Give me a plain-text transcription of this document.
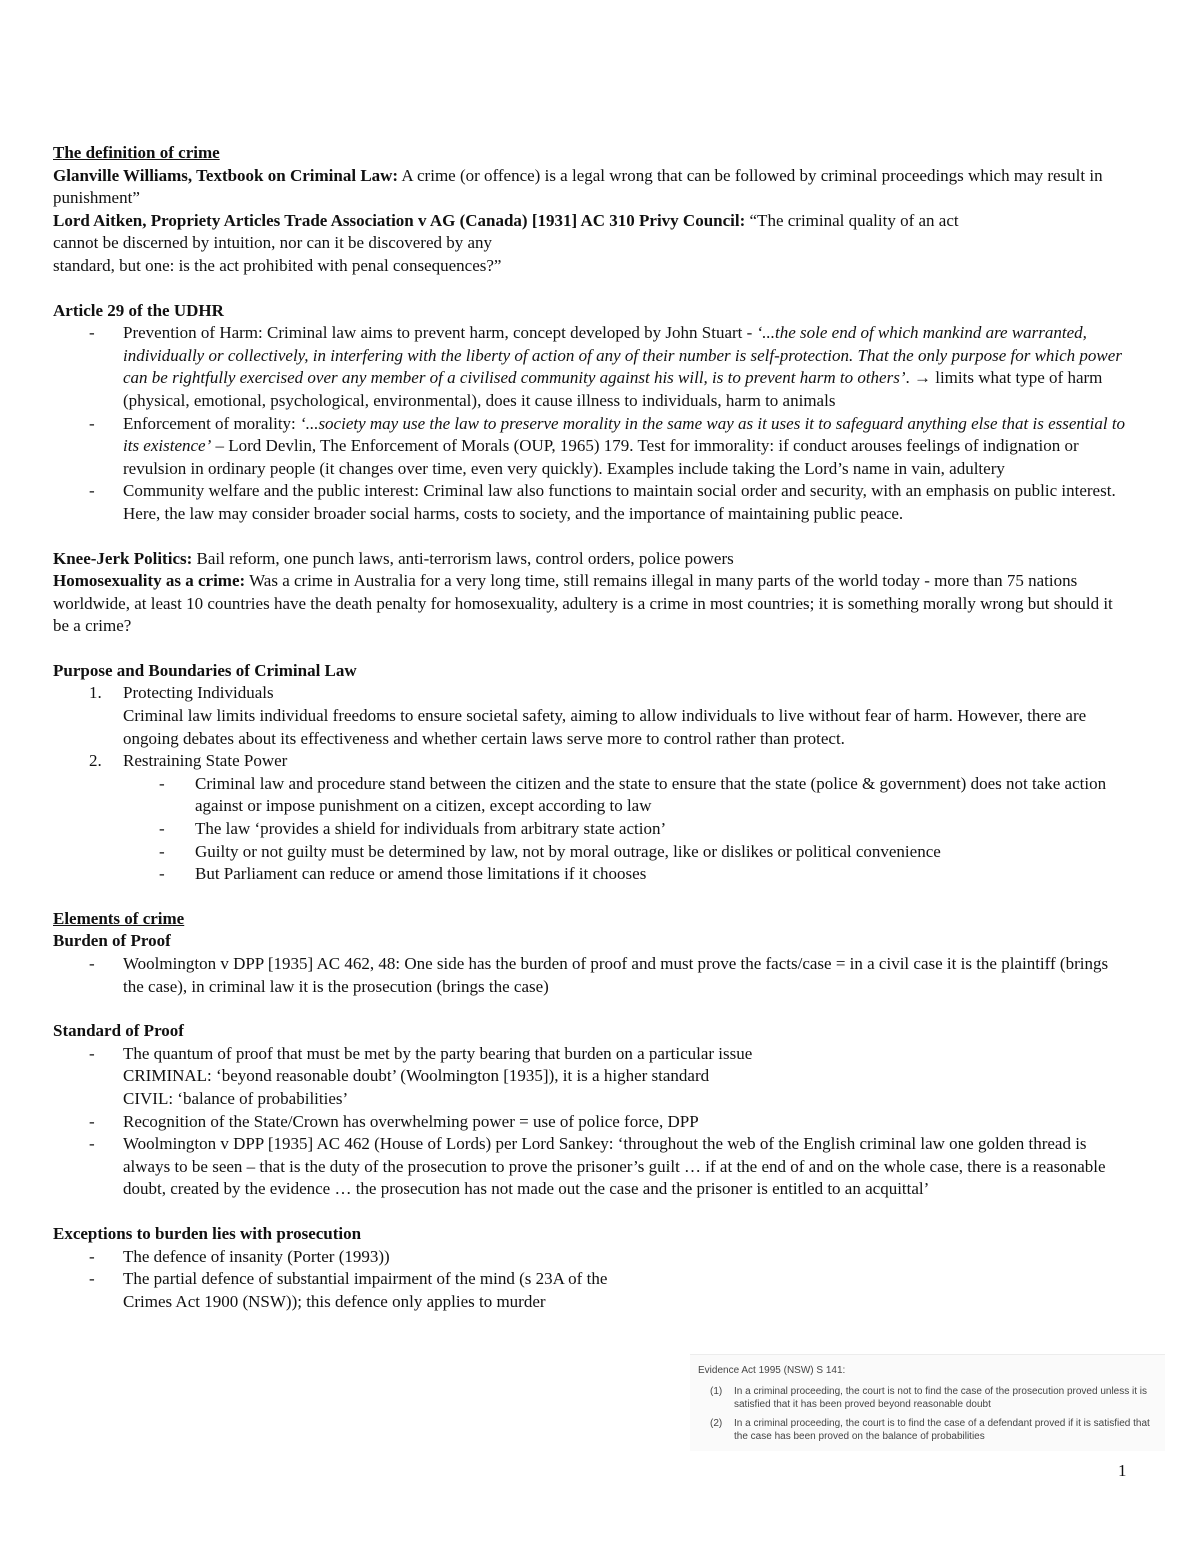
The definition of crime

Glanville Williams, Textbook on Criminal Law: A crime (or offence) is a legal wrong that can be followed by criminal proceedings which may result in punishment”

Lord Aitken, Propriety Articles Trade Association v AG (Canada) [1931] AC 310 Privy Council: “The criminal quality of an act
cannot be discerned by intuition, nor can it be discovered by any
standard, but one: is the act prohibited with penal consequences?”

Article 29 of the UDHR

- Prevention of Harm: Criminal law aims to prevent harm, concept developed by John Stuart - ‘...the sole end of which mankind are warranted, individually or collectively, in interfering with the liberty of action of any of their number is self-protection. That the only purpose for which power can be rightfully exercised over any member of a civilised community against his will, is to prevent harm to others’. → limits what type of harm (physical, emotional, psychological, environmental), does it cause illness to individuals, harm to animals
- Enforcement of morality: ‘...society may use the law to preserve morality in the same way as it uses it to safeguard anything else that is essential to its existence’ – Lord Devlin, The Enforcement of Morals (OUP, 1965) 179. Test for immorality: if conduct arouses feelings of indignation or revulsion in ordinary people (it changes over time, even very quickly). Examples include taking the Lord’s name in vain, adultery
- Community welfare and the public interest: Criminal law also functions to maintain social order and security, with an emphasis on public interest. Here, the law may consider broader social harms, costs to society, and the importance of maintaining public peace.

Knee-Jerk Politics: Bail reform, one punch laws, anti-terrorism laws, control orders, police powers

Homosexuality as a crime: Was a crime in Australia for a very long time, still remains illegal in many parts of the world today - more than 75 nations worldwide, at least 10 countries have the death penalty for homosexuality, adultery is a crime in most countries; it is something morally wrong but should it be a crime?

Purpose and Boundaries of Criminal Law

1. Protecting Individuals
Criminal law limits individual freedoms to ensure societal safety, aiming to allow individuals to live without fear of harm. However, there are ongoing debates about its effectiveness and whether certain laws serve more to control rather than protect.
2. Restraining State Power
- Criminal law and procedure stand between the citizen and the state to ensure that the state (police & government) does not take action against or impose punishment on a citizen, except according to law
- The law ‘provides a shield for individuals from arbitrary state action’
- Guilty or not guilty must be determined by law, not by moral outrage, like or dislikes or political convenience
- But Parliament can reduce or amend those limitations if it chooses

Elements of crime

Burden of Proof

- Woolmington v DPP [1935] AC 462, 48: One side has the burden of proof and must prove the facts/case = in a civil case it is the plaintiff (brings the case), in criminal law it is the prosecution (brings the case)

Standard of Proof

- The quantum of proof that must be met by the party bearing that burden on a particular issue
CRIMINAL: ‘beyond reasonable doubt’ (Woolmington [1935]), it is a higher standard
CIVIL: ‘balance of probabilities’
- Recognition of the State/Crown has overwhelming power = use of police force, DPP
- Woolmington v DPP [1935] AC 462 (House of Lords) per Lord Sankey: ‘throughout the web of the English criminal law one golden thread is always to be seen – that is the duty of the prosecution to prove the prisoner’s guilt … if at the end of and on the whole case, there is a reasonable doubt, created by the evidence … the prosecution has not made out the case and the prisoner is entitled to an acquittal’

Exceptions to burden lies with prosecution

- The defence of insanity (Porter (1993))
- The partial defence of substantial impairment of the mind (s 23A of the Crimes Act 1900 (NSW)); this defence only applies to murder
Evidence Act 1995 (NSW) S 141:
(1) In a criminal proceeding, the court is not to find the case of the prosecution proved unless it is satisfied that it has been proved beyond reasonable doubt
(2) In a criminal proceeding, the court is to find the case of a defendant proved if it is satisfied that the case has been proved on the balance of probabilities
1
